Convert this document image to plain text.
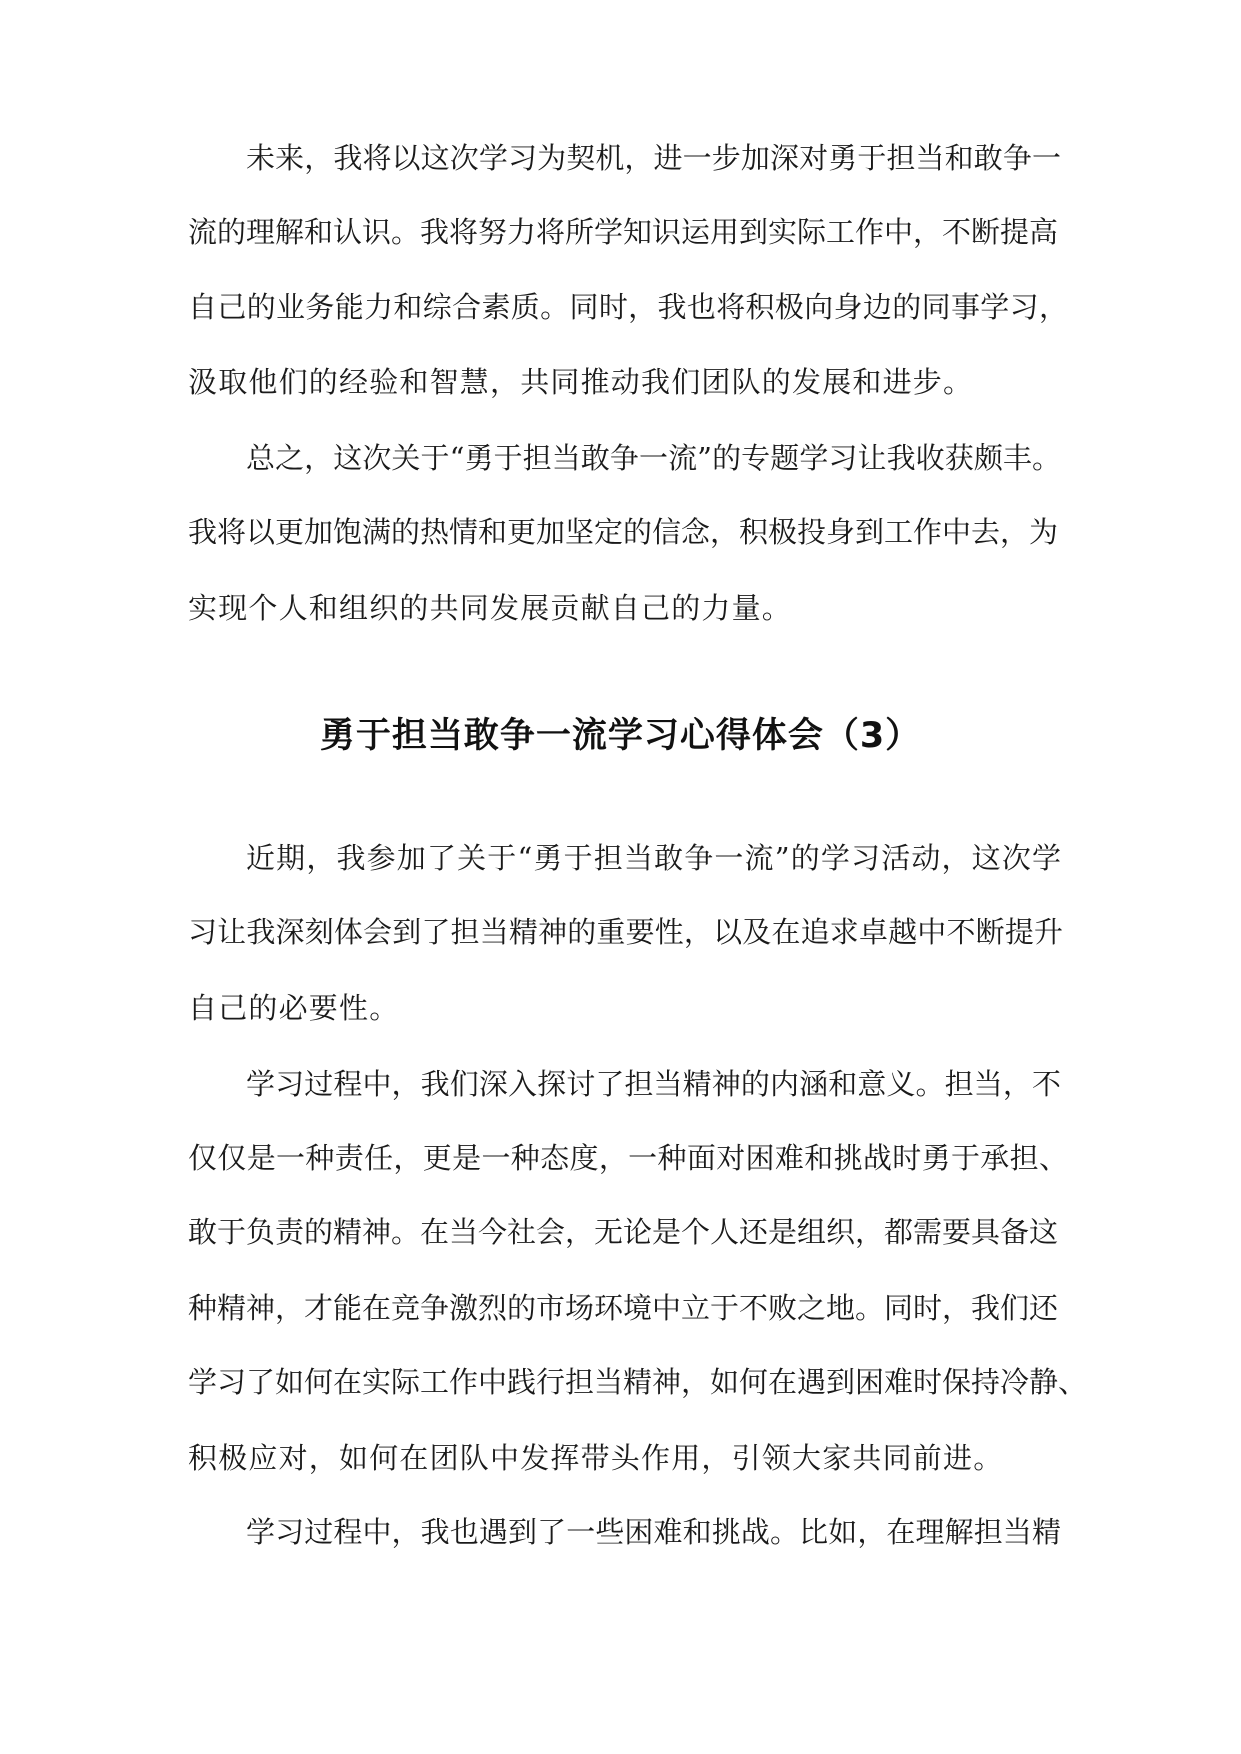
未来，我将以这次学习为契机，进一步加深对勇于担当和敢争一

流的理解和认识。我将努力将所学知识运用到实际工作中，不断提高

自己的业务能力和综合素质。同时，我也将积极向身边的同事学习，

汲取他们的经验和智慧，共同推动我们团队的发展和进步。

总之，这次关于“勇于担当敢争一流”的专题学习让我收获颇丰。

我将以更加饱满的热情和更加坚定的信念，积极投身到工作中去，为

实现个人和组织的共同发展贡献自己的力量。

勇于担当敢争一流学习心得体会（3）

近期，我参加了关于“勇于担当敢争一流”的学习活动，这次学

习让我深刻体会到了担当精神的重要性，以及在追求卓越中不断提升

自己的必要性。

学习过程中，我们深入探讨了担当精神的内涵和意义。担当，不

仅仅是一种责任，更是一种态度，一种面对困难和挑战时勇于承担、

敢于负责的精神。在当今社会，无论是个人还是组织，都需要具备这

种精神，才能在竞争激烈的市场环境中立于不败之地。同时，我们还

学习了如何在实际工作中践行担当精神，如何在遇到困难时保持冷静、

积极应对，如何在团队中发挥带头作用，引领大家共同前进。

学习过程中，我也遇到了一些困难和挑战。比如，在理解担当精
